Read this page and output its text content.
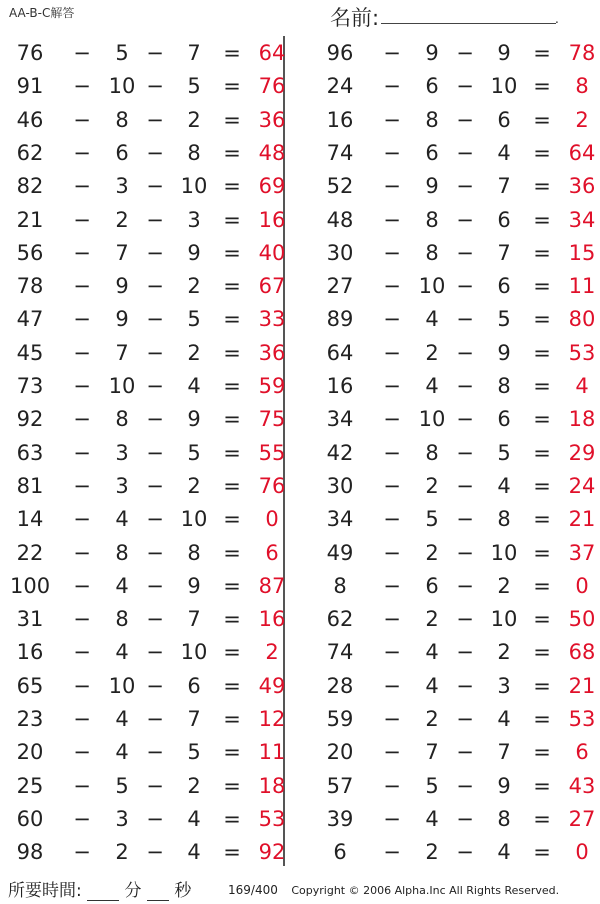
AA-B-C解答	名前:	.
76	−	5 −	7	= 64
91	− 10 −	5	= 76
46	−	8 −	2	= 36
62	−	6 −	8	= 48
82	−	3 − 10 = 69
21	−	2 −	3	= 16
56	−	7 −	9	= 40
78	−	9 −	2	= 67
47	−	9 −	5	= 33
45	−	7 −	2	= 36
73	− 10 −	4	= 59
92	−	8 −	9	= 75
63	−	3 −	5	= 55
81	−	3 −	2	= 76
14	−	4 − 10 =	0
22	−	8 −	8	=	6
100 −	4 −	9	= 87
31	−	8 −	7	= 16
16	−	4 − 10 =	2
65	− 10 −	6	= 49
23	−	4 −	7	= 12
20	−	4 −	5	= 11
25	−	5 −	2	= 18
60	−	3 −	4	= 53
98	−	2 −	4	= 92
96	−	9 −	9	= 78
24	−	6 − 10 =	8
16	−	8 −	6	=	2
74	−	6 −	4	= 64
52	−	9 −	7	= 36
48	−	8 −	6	= 34
30	−	8 −	7	= 15
27	− 10 −	6	= 11
89	−	4 −	5	= 80
64	−	2 −	9	= 53
16	−	4 −	8	=	4
34	− 10 −	6	= 18
42	−	8 −	5	= 29
30	−	2 −	4	= 24
34	−	5 −	8	= 21
49	−	2 − 10 = 37
8	−	6 −	2	=	0
62	−	2 − 10 = 50
74	−	4 −	2	= 68
28	−	4 −	3	= 21
59	−	2 −	4	= 53
20	−	7 −	7	=	6
57	−	5 −	9	= 43
39	−	4 −	8	= 27
6	−	2 −	4	=	0
所要時間:	分 秒	169/400 Copyright © 2006 Alpha.Inc All Rights Reserved.
